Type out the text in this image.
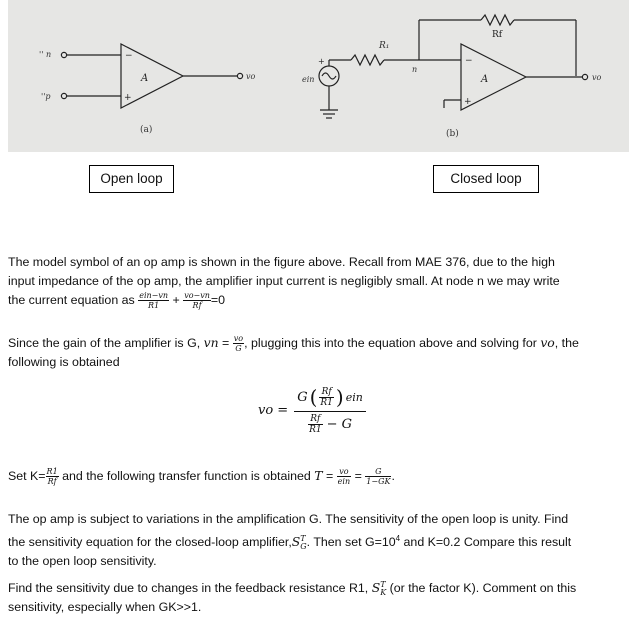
−
+
A
'' n
''p
vo
(a)
+
ein
R₁
n
Rf
−
+
A	vo
(b)
Open loop	Closed loop
The model symbol of an op amp is shown in the figure above. Recall from MAE 376, due to the high
input impedance of the op amp, the amplifier input current is negligibly small. At node n we may write
the current equation as $\frac{\text{ein−vn}}{R1} + \frac{vo-vn}{Rf} =0$
Since the gain of the amplifier is G, vn = $\frac{vo}{G}$ , plugging this into the equation above and solving for vo, the
following is obtained
vo = $\frac{G ( \frac{Rf}{R1} ) ein}{\frac{Rf}{R1} - G}$
Set $K= \frac{R1}{Rf}$ and the following transfer function is obtained $T = \frac{vo}{\text{ein}} = \frac{G}{1-GK}$ .
The op amp is subject to variations in the amplification G. The sensitivity of the open loop is unity. Find
the sensitivity equation for the closed-loop amplifier,S T
G . Then set $G=10^4$ and K=0.2 Compare this result
to the open loop sensitivity.
Find the sensitivity due to changes in the feedback resistance R1, S T
K (or the factor K). Comment on this
sensitivity, especially when GK>>1.
